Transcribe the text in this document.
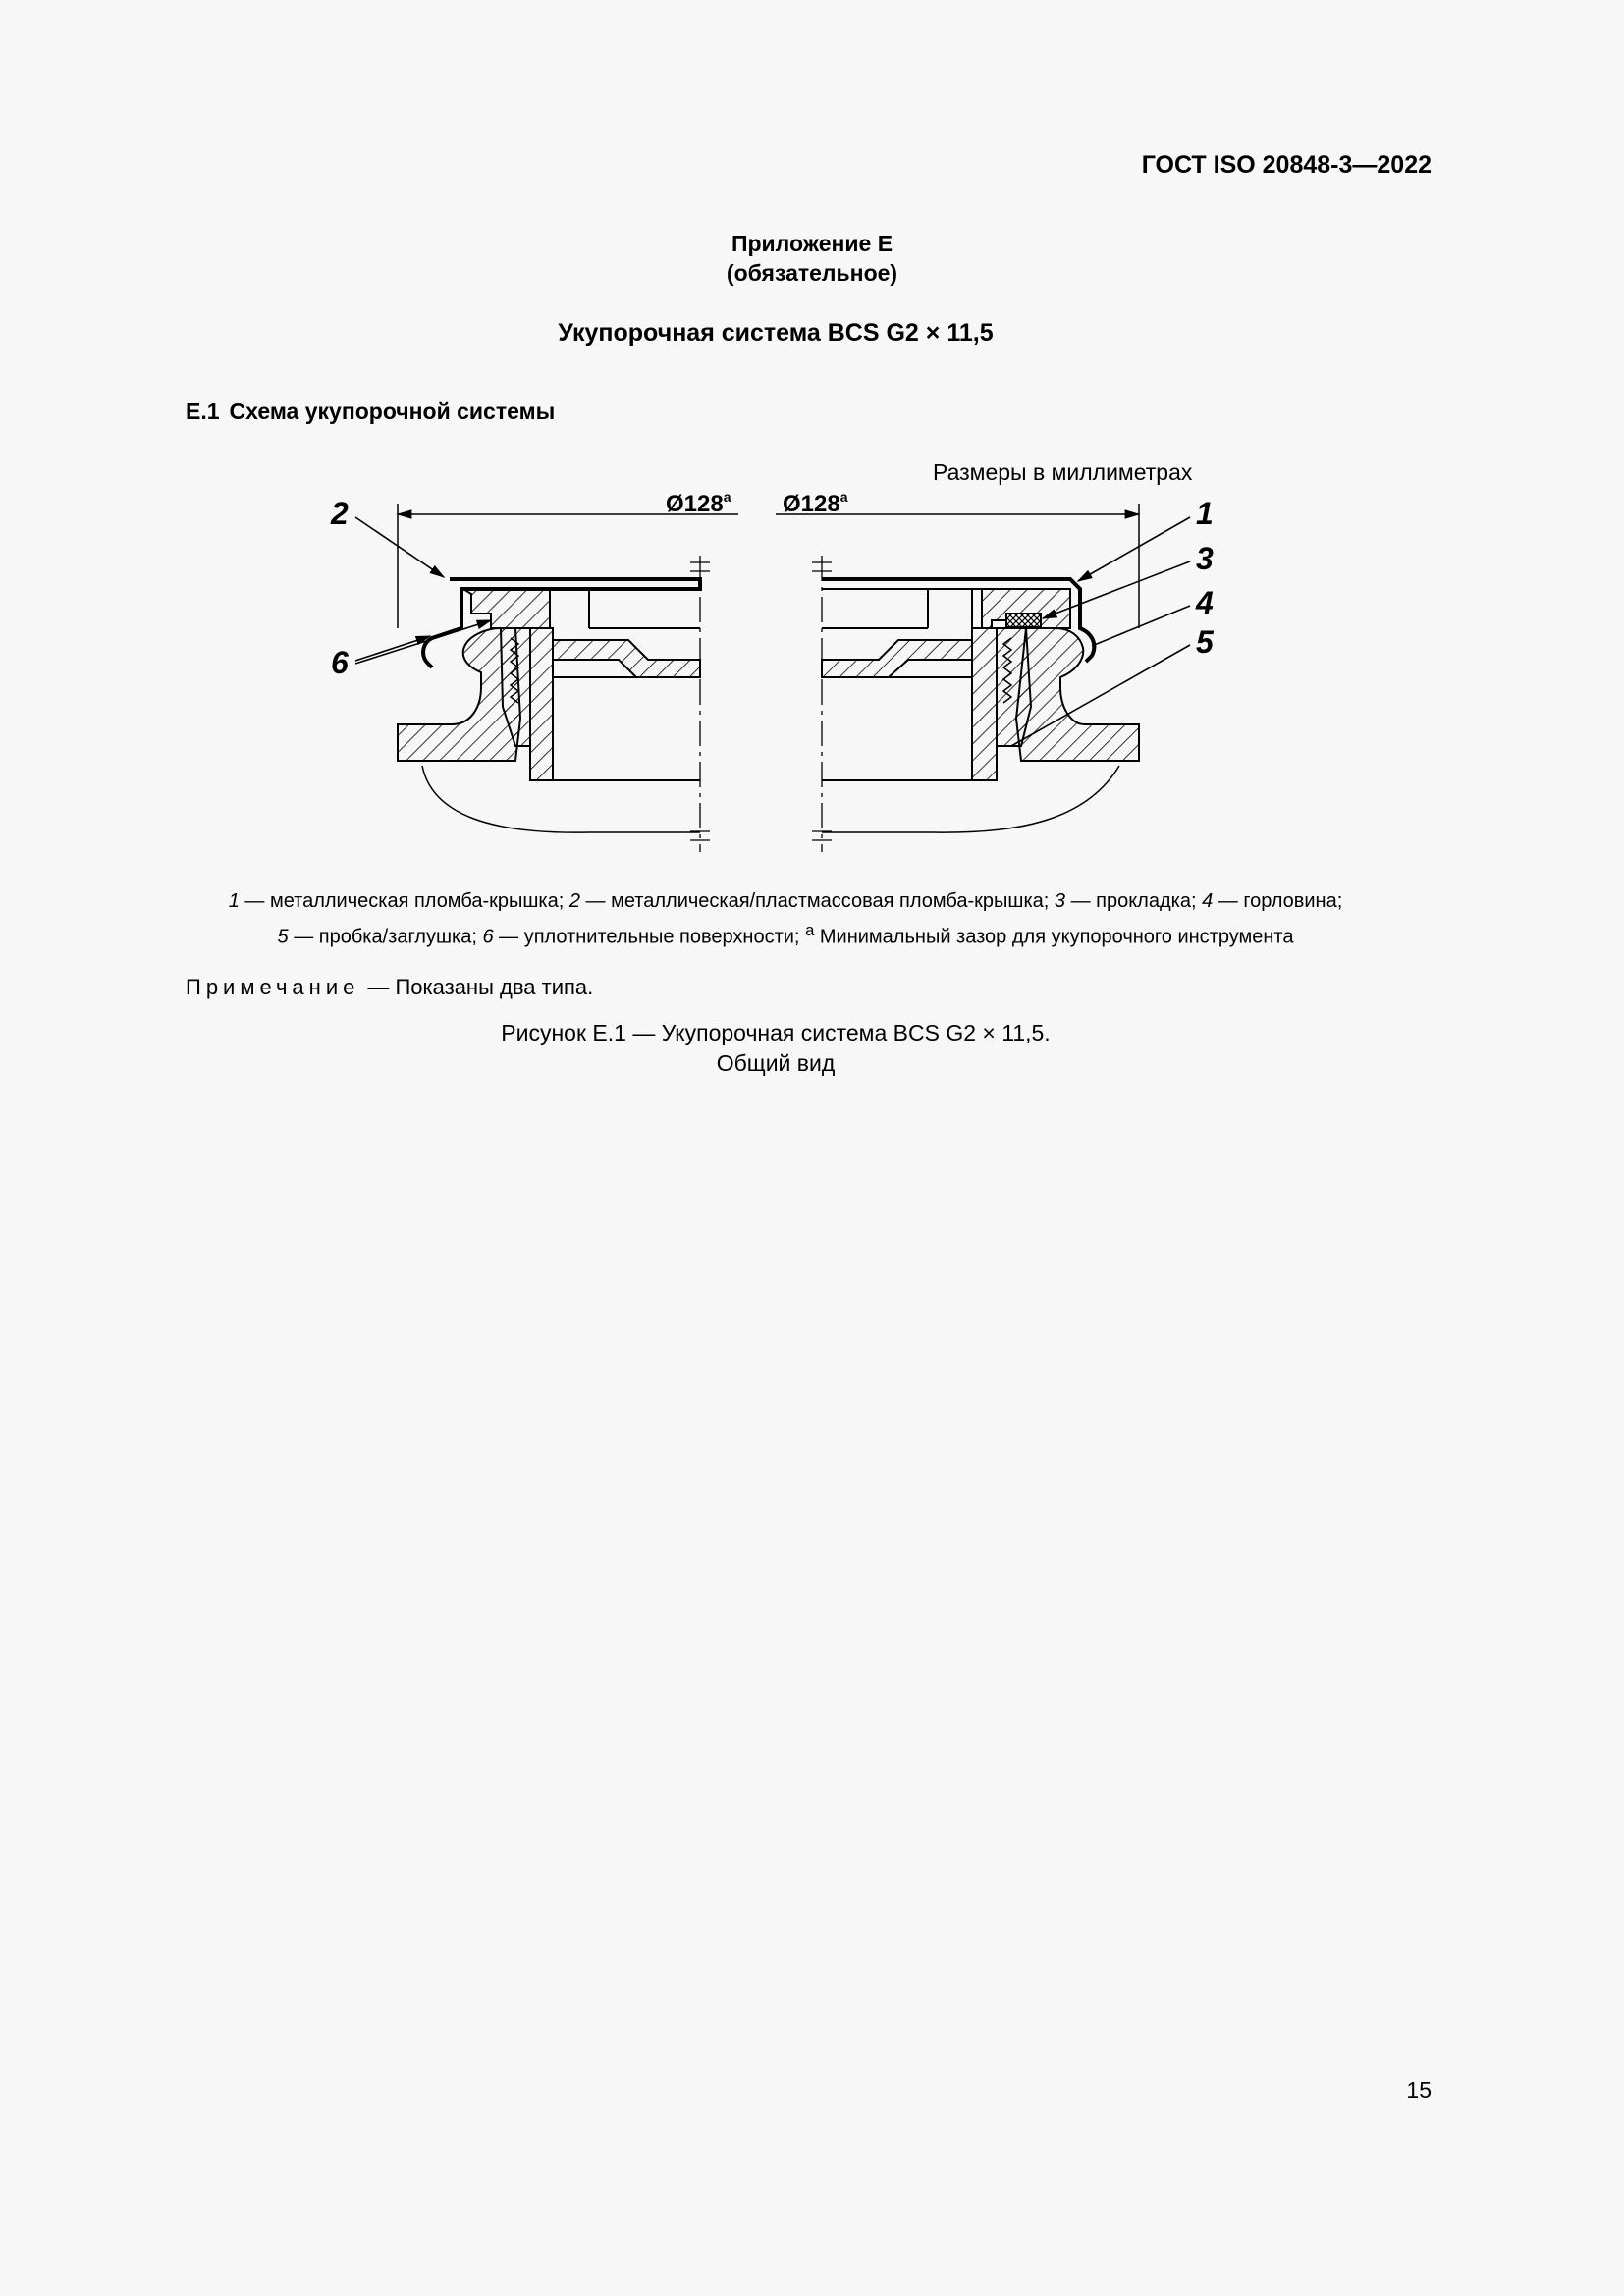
ГОСТ ISO 20848-3—2022
Приложение Е
(обязательное)
Укупорочная система BCS G2 × 11,5
Е.1 Схема укупорочной системы
Размеры в миллиметрах
Ø128$^a$ Ø128$^a$
2
6
1
3
4
5
1 — металлическая пломба-крышка; 2 — металлическая/пластмассовая пломба-крышка; 3 — прокладка; 4 — горловина;
5 — пробка/заглушка; 6 — уплотнительные поверхности; $^a$ Минимальный зазор для укупорочного инструмента
Примечание — Показаны два типа.
Рисунок Е.1 — Укупорочная система BCS G2 × 11,5.
Общий вид
15
